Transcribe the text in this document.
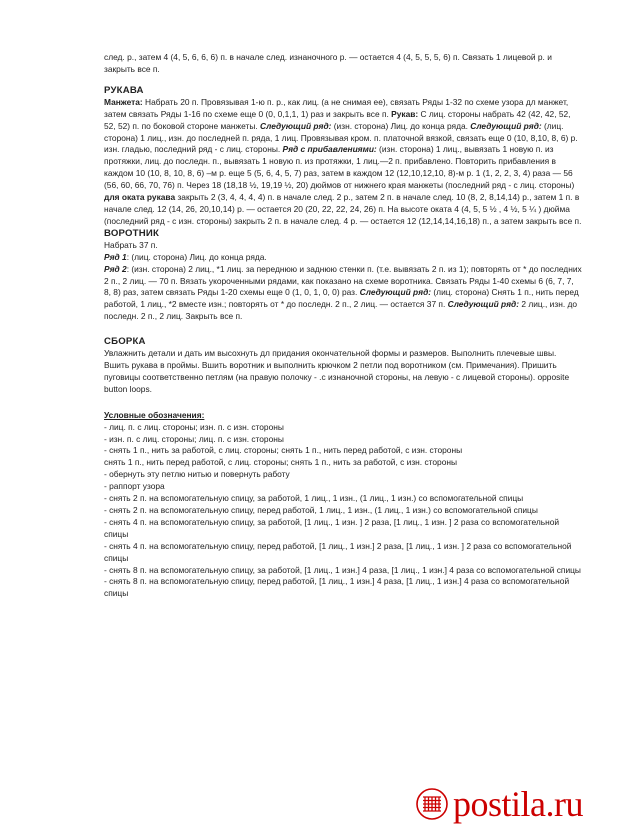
след. р., затем 4 (4, 5, 6, 6, 6) п. в начале след. изнаночного р. — остается 4 (4, 5, 5, 5, 6) п. Связать 1 лицевой р. и закрыть все п.

РУКАВА

Манжета: Набрать 20 п. Провязывая 1-ю п. р., как лиц. (а не снимая ее), связать Ряды 1-32 по схеме узора дл манжет, затем связать Ряды 1-16 по схеме еще 0 (0, 0,1,1, 1) раз и закрыть все п. Рукав: С лиц. стороны набрать 42 (42, 42, 52, 52, 52) п. по боковой стороне манжеты. Следующий ряд: (изн. сторона) Лиц. до конца ряда. Следующий ряд: (лиц. сторона) 1 лиц., изн. до последней п. ряда, 1 лиц. Провязывая кром. п. платочной вязкой, связать еще 0 (10, 8,10, 8, 6) р. изн. гладью, последний ряд - с лиц. стороны. Ряд с прибавлениями: (изн. сторона) 1 лиц., вывязать 1 новую п. из протяжки, лиц. до последн. п., вывязать 1 новую п. из протяжки, 1 лиц.—2 п. прибавлено. Повторить прибавления в каждом 10 (10, 8, 10, 8, 6) –м р. еще 5 (5, 6, 4, 5, 7) раз, затем в каждом 12 (12,10,12,10, 8)-м р. 1 (1, 2, 2, 3, 4) раза — 56 (56, 60, 66, 70, 76) п. Через 18 (18,18 ½, 19,19 ½, 20) дюймов от нижнего края манжеты (последний ряд - с лиц. стороны) для оката рукава закрыть 2 (3, 4, 4, 4, 4) п. в начале след. 2 р., затем 2 п. в начале след. 10 (8, 2, 8,14,14) р., затем 1 п. в начале след. 12 (14, 26, 20,10,14) р. — остается 20 (20, 22, 22, 24, 26) п. На высоте оката 4 (4, 5, 5 ½ , 4 ½, 5 ¼ ) дюйма (последний ряд - с изн. стороны) закрыть 2 п. в начале след. 4 р. — остается 12 (12,14,14,16,18) п., а затем закрыть все п.

ВОРОТНИК

Набрать 37 п.

Ряд 1: (лиц. сторона) Лиц. до конца ряда.

Ряд 2: (изн. сторона) 2 лиц., *1 лиц. за переднюю и заднюю стенки п. (т.е. вывязать 2 п. из 1); повторять от * до последних 2 п., 2 лиц. — 70 п. Вязать укороченными рядами, как показано на схеме воротника. Связать Ряды 1-40 схемы 6 (6, 7, 7, 8, 8) раз, затем связать Ряды 1-20 схемы еще 0 (1, 0, 1, 0, 0) раз. Следующий ряд: (лиц. сторона) Снять 1 п., нить перед работой, 1 лиц., *2 вместе изн.; повторять от * до последн. 2 п., 2 лиц. — остается 37 п. Следующий ряд: 2 лиц., изн. до последн. 2 п., 2 лиц. Закрыть все п.

СБОРКА

Увлажнить детали и дать им высохнуть дл придания окончательной формы и размеров. Выполнить плечевые швы. Вшить рукава в проймы. Вшить воротник и выполнить крючком 2 петли под воротником (см. Примечания). Пришить пуговицы соответственно петлям (на правую полочку - .с изнаночной стороны, на левую - с лицевой стороны). opposite button loops.

Условные обозначения:

- лиц. п. с лиц. стороны; изн. п. с изн. стороны

- изн. п. с лиц. стороны; лиц. п. с изн. стороны

- снять 1 п., нить за работой, с лиц. стороны; снять 1 п., нить перед работой, с изн. стороны

снять 1 п., нить перед работой, с лиц. стороны; снять 1 п., нить за работой, с изн. стороны

- обернуть эту петлю нитью и повернуть работу

- раппорт узора

- снять 2 п. на вспомогательную спицу, за работой, 1 лиц., 1 изн., (1 лиц., 1 изн.) со вспомогательной спицы

- снять 2 п. на вспомогательную спицу, перед работой, 1 лиц., 1 изн., (1 лиц., 1 изн.) со вспомогательной спицы

- снять 4 п. на вспомогательную спицу, за работой, [1 лиц., 1 изн. ] 2 раза, [1 лиц., 1 изн. ] 2 раза со вспомогательной спицы

- снять 4 п. на вспомогательную спицу, перед работой, [1 лиц., 1 изн.] 2 раза, [1 лиц., 1 изн. ] 2 раза со вспомогательной спицы

- снять 8 п. на вспомогательную спицу, за работой, [1 лиц., 1 изн.] 4 раза, [1 лиц., 1 изн.] 4 раза со вспомогательной спицы

- снять 8 п. на вспомогательную спицу, перед работой, [1 лиц., 1 изн.] 4 раза, [1 лиц., 1 изн.] 4 раза со вспомогательной спицы

postila.ru
